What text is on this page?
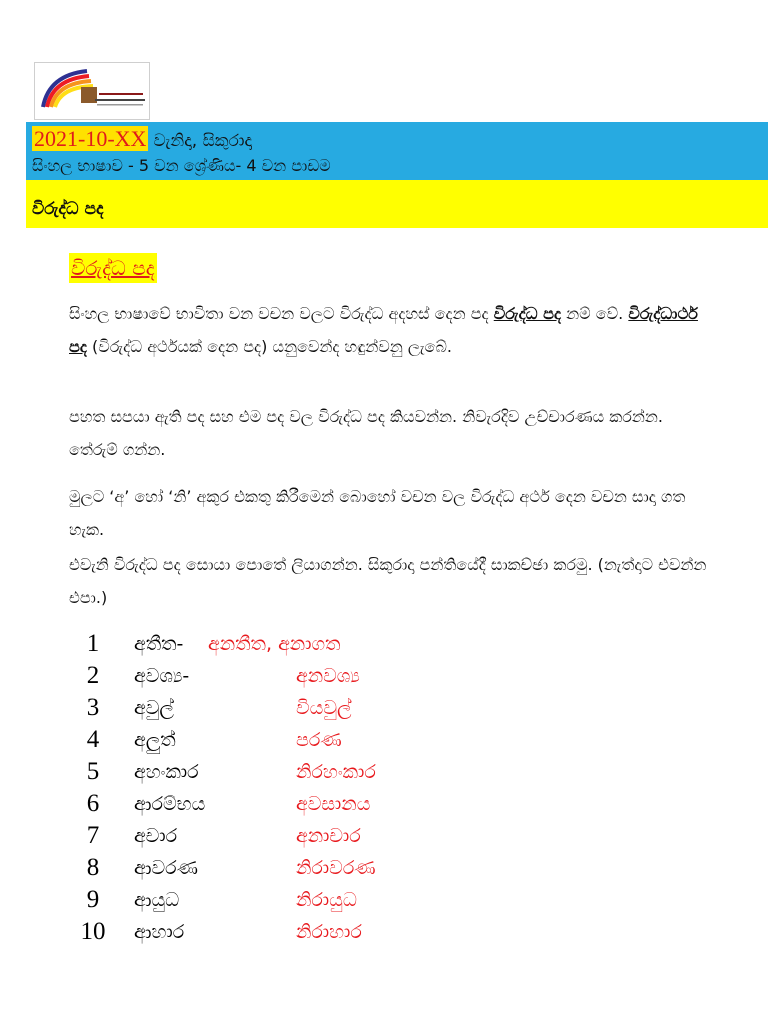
2021-10-XX වැනිදා, සිකුරාදා
සිංහල භාෂාව - 5 වන ශ්‍රේණිය- 4 වන පාඩම
විරුද්ධ පද
විරුද්ධ පද
සිංහල භාෂාවේ භාවිතා වන වචන වලට විරුද්ධ අදහස් දෙන පද විරුද්ධ පද නම් වේ. විරුද්ධාර්ථ පද (විරුද්ධ අර්ථයක් දෙන පද) යනුවෙන්ද හඳුන්වනු ලැබේ.
පහත සපයා ඇති පද සහ එම පද වල විරුද්ධ පද කියවන්න. නිවැරදිව උච්චාරණය කරන්න. තේරුම් ගන්න.
මුලට ‘අ’ හෝ ‘නි’ අකුර එකතු කිරීමෙන් බොහෝ වචන වල විරුද්ධ අර්ථ දෙන වචන සාදා ගත හැක.
එවැනි විරුද්ධ පද සොයා පොතේ ලියාගන්න. සිකුරාදා පන්තියේදී සාකච්ඡා කරමු. (නැත්දාට එවන්න එපා.)
1	අතීත- අනතීත, අනාගත
2	අවශ්‍ය-	අනවශ්‍ය
3	අවුල්	වියවුල්
4	අලුත්	පරණ
5	අහංකාර	නිරහංකාර
6	ආරම්භය	අවසානය
7	අචාර	අනාචාර
8	ආවරණ	නිරාවරණ
9	ආයුධ	නිරායුධ
10	ආහාර	නිරාහාර
